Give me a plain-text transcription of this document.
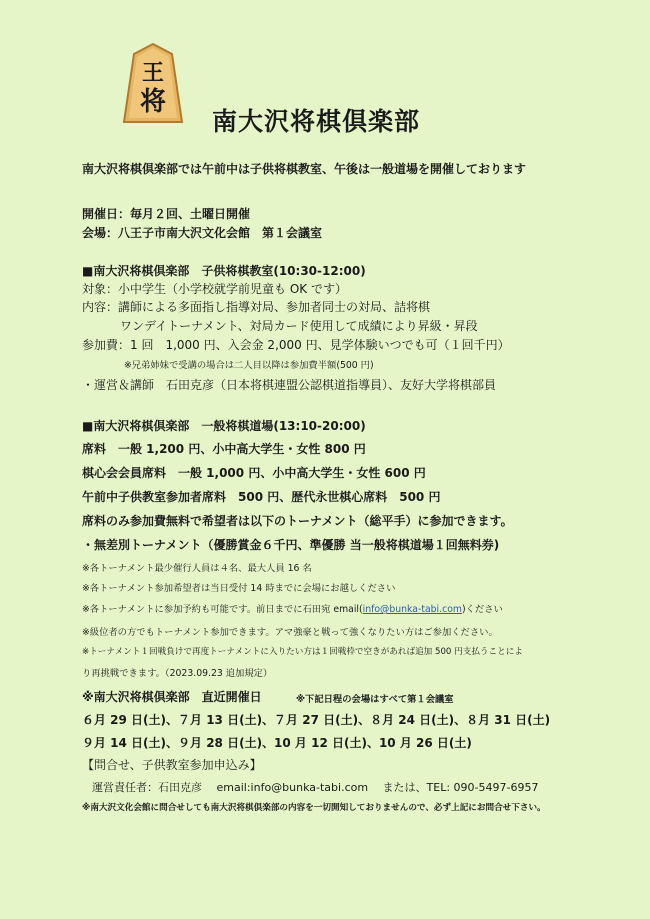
王
将
南大沢将棋倶楽部
南大沢将棋倶楽部では午前中は子供将棋教室、午後は一般道場を開催しております
開催日：毎月２回、土曜日開催
会場：八王子市南大沢文化会館　第１会議室
■南大沢将棋倶楽部　子供将棋教室(10:30-12:00)
対象：小中学生（小学校就学前児童も OK です）
内容：講師による多面指し指導対局、参加者同士の対局、詰将棋
ワンデイトーナメント、対局カード使用して成績により昇級・昇段
参加費：1 回　1,000 円、入会金 2,000 円、見学体験いつでも可（１回千円）
※兄弟姉妹で受講の場合は二人目以降は参加費半額(500 円)
・運営＆講師　石田克彦（日本将棋連盟公認棋道指導員）、友好大学将棋部員
■南大沢将棋倶楽部　一般将棋道場(13:10-20:00)
席料　一般 1,200 円、小中高大学生・女性 800 円
棋心会会員席料　一般 1,000 円、小中高大学生・女性 600 円
午前中子供教室参加者席料　500 円、歴代永世棋心席料　500 円
席料のみ参加費無料で希望者は以下のトーナメント（総平手）に参加できます。
・無差別トーナメント（優勝賞金６千円、準優勝 当一般将棋道場１回無料券)
※各トーナメント最少催行人員は４名、最大人員 16 名
※各トーナメント参加希望者は当日受付 14 時までに会場にお越しください
※各トーナメントに参加予約も可能です。前日までに石田宛 email(info@bunka-tabi.com)ください
※級位者の方でもトーナメント参加できます。アマ強豪と戦って強くなりたい方はご参加ください。
※トーナメント１回戦負けで再度トーナメントに入りたい方は１回戦枠で空きがあれば追加 500 円支払うことによ
り再挑戦できます。（2023.09.23 追加規定）
※南大沢将棋倶楽部　直近開催日	※下記日程の会場はすべて第１会議室
６月 29 日(土)、７月 13 日(土)、７月 27 日(土)、８月 24 日(土)、８月 31 日(土)
９月 14 日(土)、９月 28 日(土)、10 月 12 日(土)、10 月 26 日(土)
【問合せ、子供教室参加申込み】
運営責任者：石田克彦　 email:info@bunka-tabi.com　 または、TEL: 090-5497-6957
※南大沢文化会館に問合せしても南大沢将棋倶楽部の内容を一切開知しておりませんので、必ず上記にお問合せ下さい。
